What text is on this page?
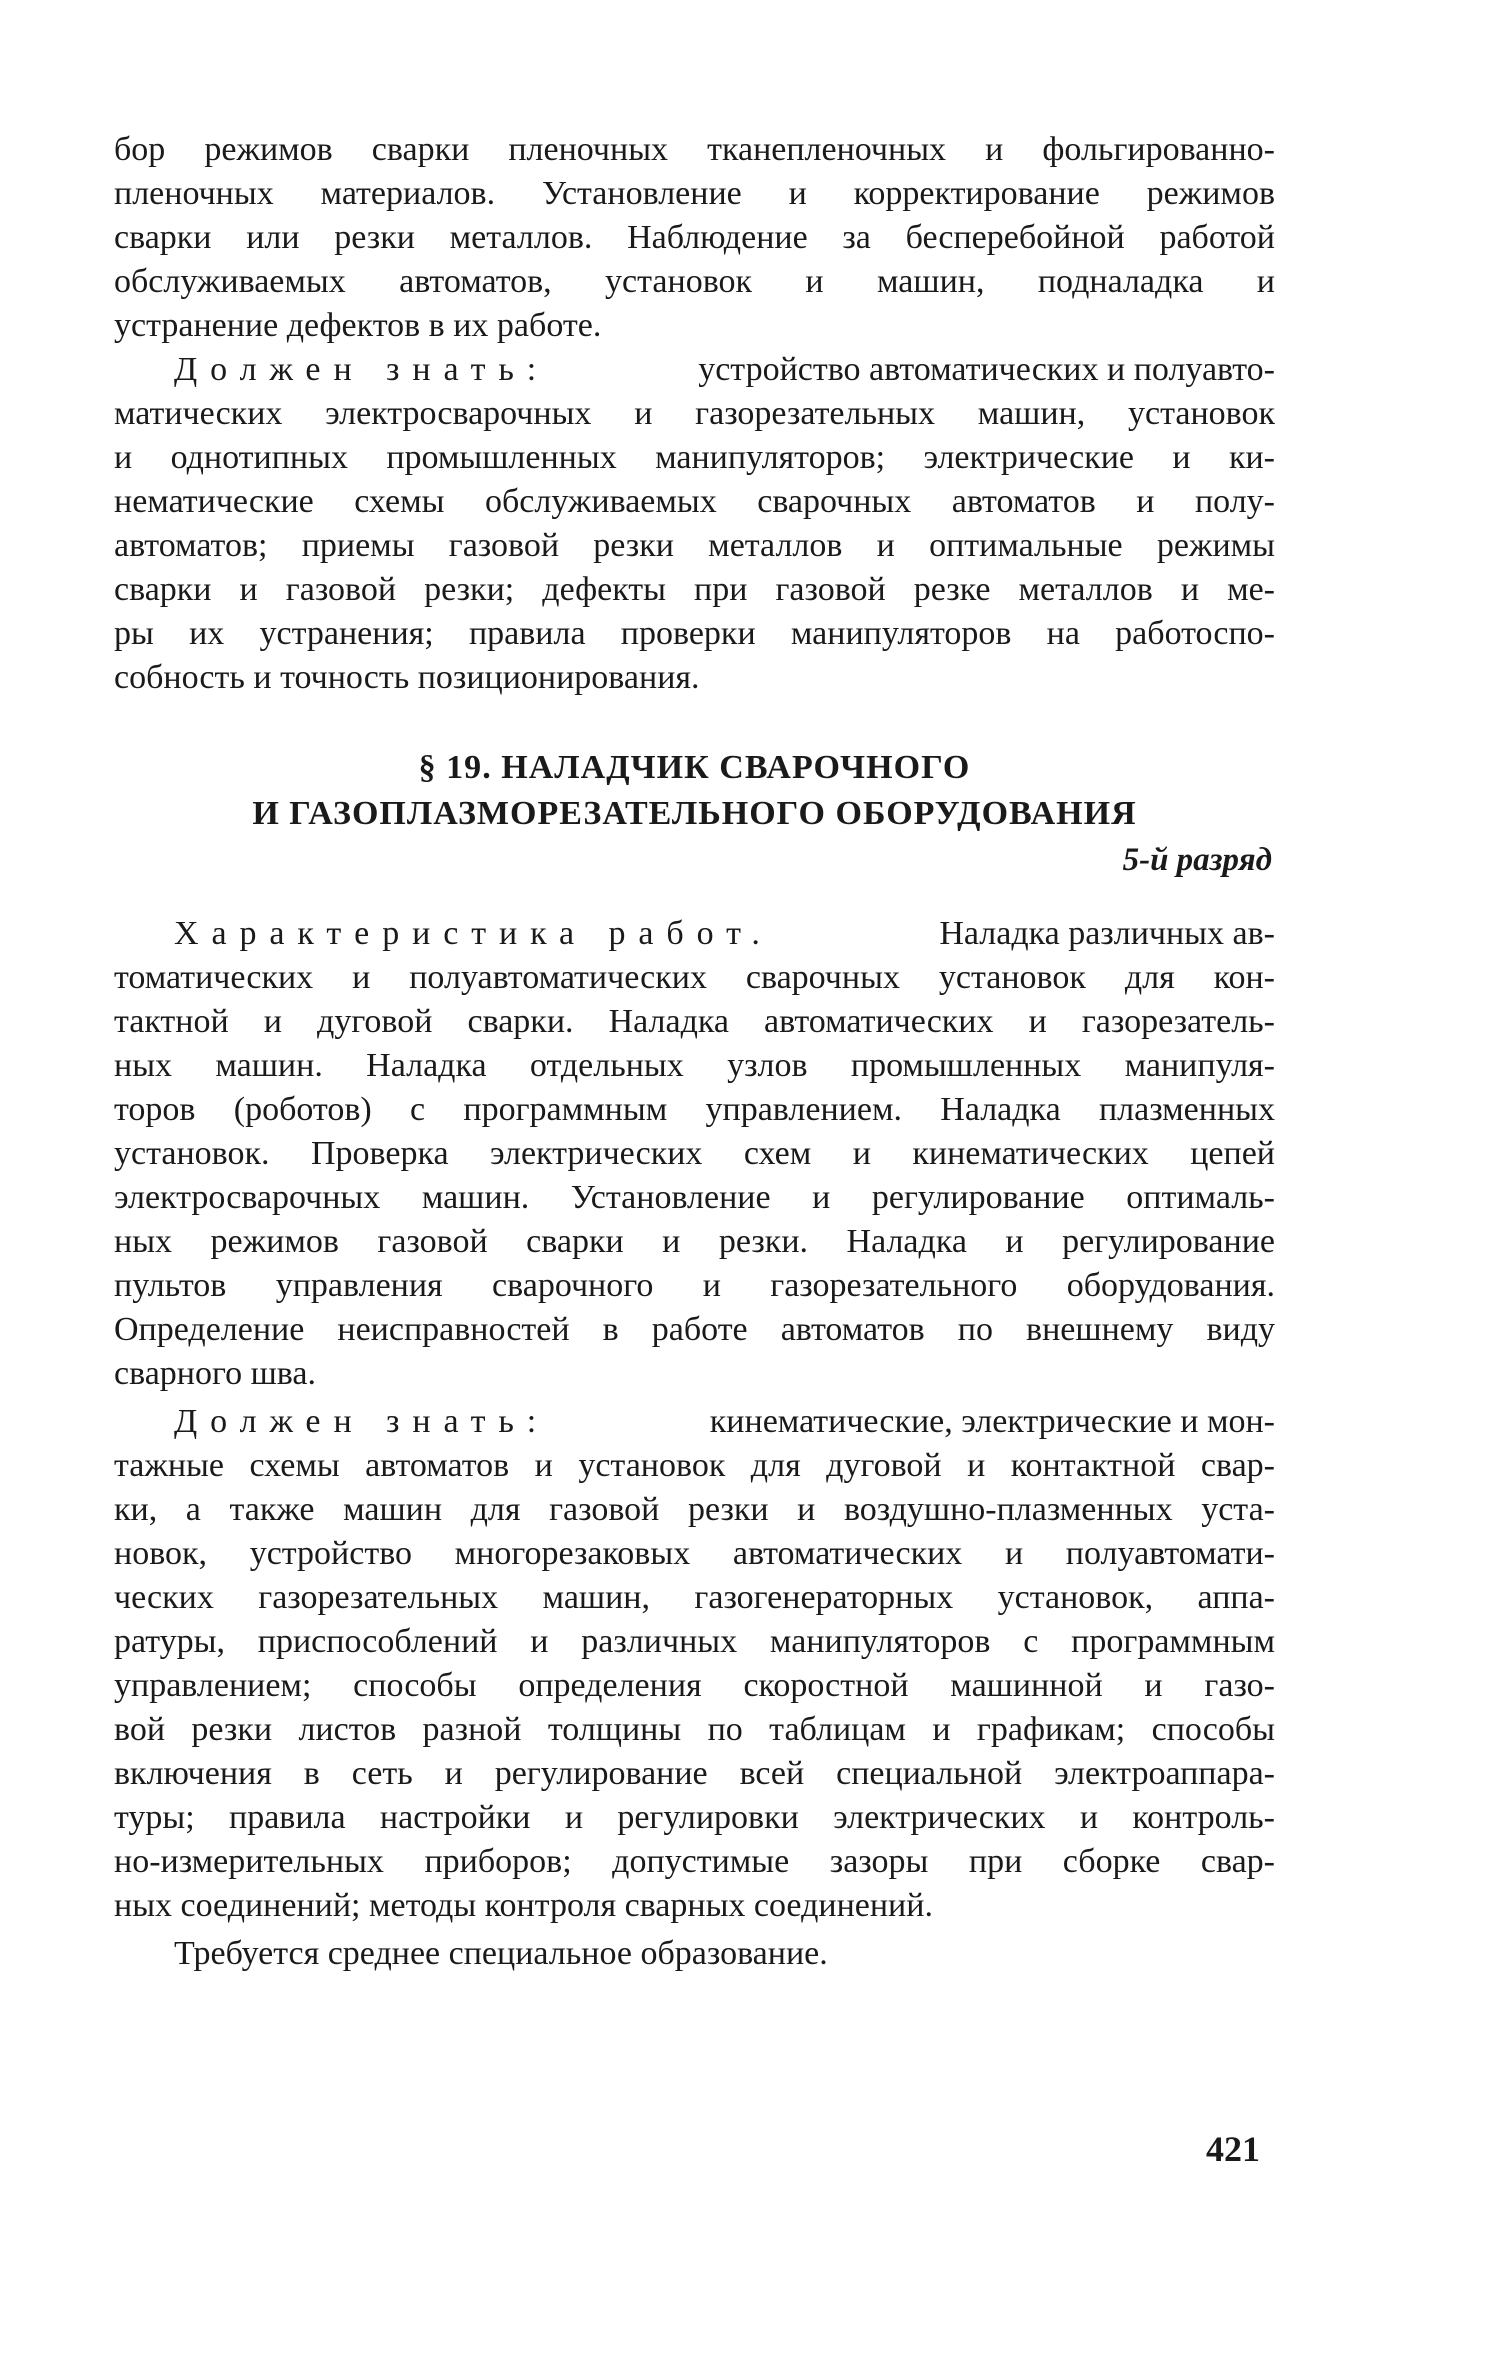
бор режимов сварки пленочных тканепленочных и фольгированно-
пленочных материалов. Установление и корректирование режимов
сварки или резки металлов. Наблюдение за бесперебойной работой
обслуживаемых автоматов, установок и машин, подналадка и
устранение дефектов в их работе.
Должен знать:	устройство автоматических и полуавто-
матических электросварочных и газорезательных машин, установок
и однотипных промышленных манипуляторов; электрические и ки-
нематические схемы обслуживаемых сварочных автоматов и полу-
автоматов; приемы газовой резки металлов и оптимальные режимы
сварки и газовой резки; дефекты при газовой резке металлов и ме-
ры их устранения; правила проверки манипуляторов на работоспо-
собность и точность позиционирования.
§ 19. НАЛАДЧИК СВАРОЧНОГО
И ГАЗОПЛАЗМОРЕЗАТЕЛЬНОГО ОБОРУДОВАНИЯ
5-й разряд
Характеристика работ.	Наладка различных ав-
томатических и полуавтоматических сварочных установок для кон-
тактной и дуговой сварки. Наладка автоматических и газорезатель-
ных машин. Наладка отдельных узлов промышленных манипуля-
торов (роботов) с программным управлением. Наладка плазменных
установок. Проверка электрических схем и кинематических цепей
электросварочных машин. Установление и регулирование оптималь-
ных режимов газовой сварки и резки. Наладка и регулирование
пультов управления сварочного и газорезательного оборудования.
Определение неисправностей в работе автоматов по внешнему виду
сварного шва.
Должен знать:	кинематические, электрические и мон-
тажные схемы автоматов и установок для дуговой и контактной свар-
ки, а также машин для газовой резки и воздушно-плазменных уста-
новок, устройство многорезаковых автоматических и полуавтомати-
ческих газорезательных машин, газогенераторных установок, аппа-
ратуры, приспособлений и различных манипуляторов с программным
управлением; способы определения скоростной машинной и газо-
вой резки листов разной толщины по таблицам и графикам; способы
включения в сеть и регулирование всей специальной электроаппара-
туры; правила настройки и регулировки электрических и контроль-
но-измерительных приборов; допустимые зазоры при сборке свар-
ных соединений; методы контроля сварных соединений.
Требуется среднее специальное образование.
421
